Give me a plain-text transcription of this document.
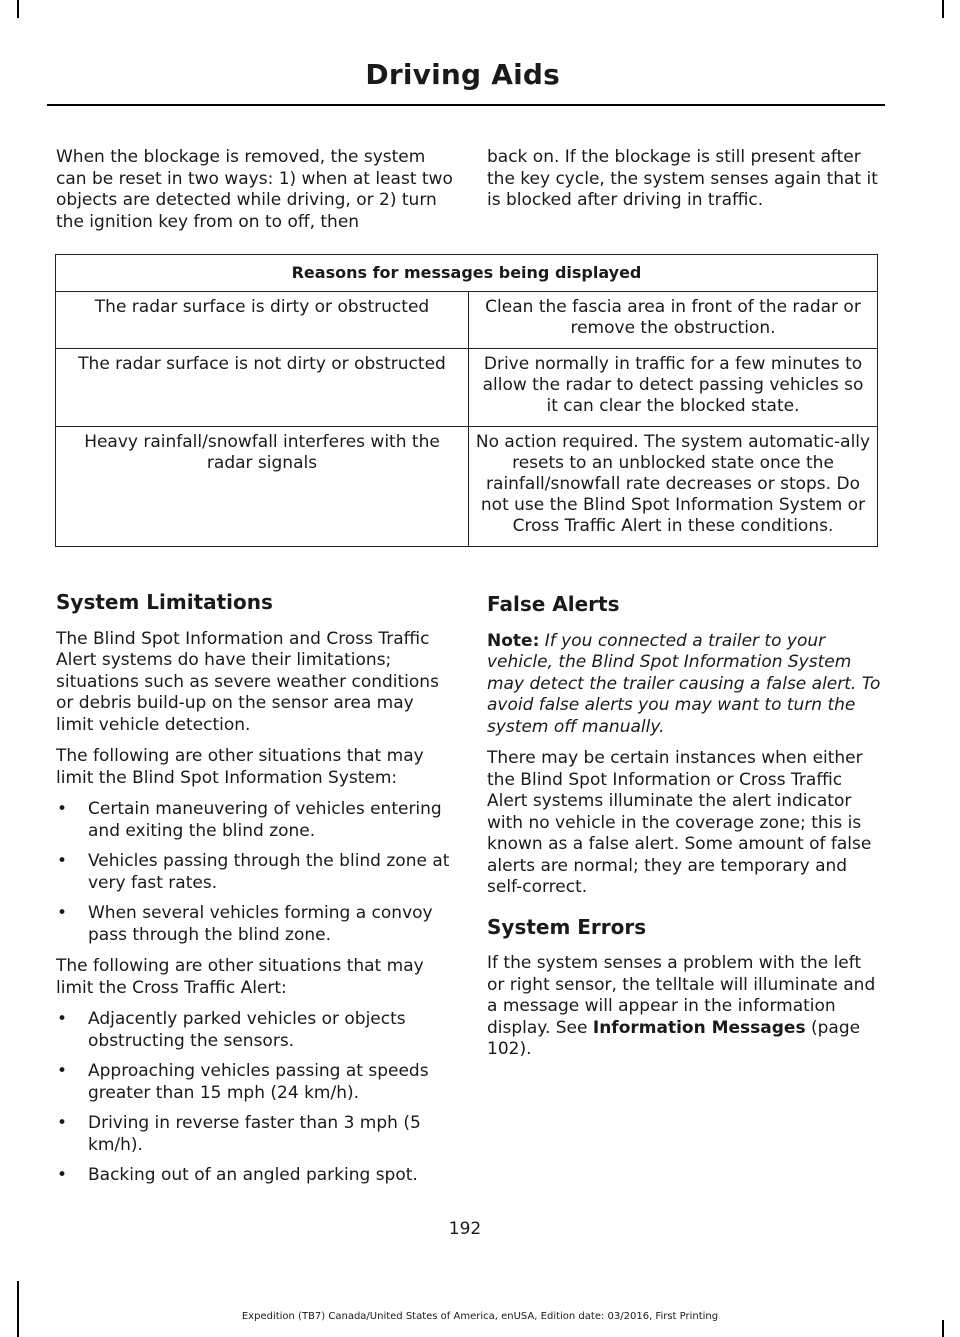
Driving Aids
When the blockage is removed, the system can be reset in two ways: 1) when at least two objects are detected while driving, or 2) turn the ignition key from on to off, then
back on. If the blockage is still present after the key cycle, the system senses again that it is blocked after driving in traffic.
Reasons for messages being displayed	
The radar surface is dirty or obstructed	Clean the fascia area in front of the radar or remove the obstruction.
The radar surface is not dirty or obstructed	Drive normally in traffic for a few minutes to allow the radar to detect passing vehicles so it can clear the blocked state.
Heavy rainfall/snowfall interferes with the radar signals	No action required. The system automatic-ally resets to an unblocked state once the rainfall/snowfall rate decreases or stops. Do not use the Blind Spot Information System or Cross Traffic Alert in these conditions.
System Limitations

The Blind Spot Information and Cross Traffic Alert systems do have their limitations; situations such as severe weather conditions or debris build-up on the sensor area may limit vehicle detection.

The following are other situations that may limit the Blind Spot Information System:

• Certain maneuvering of vehicles entering and exiting the blind zone.
• Vehicles passing through the blind zone at very fast rates.
• When several vehicles forming a convoy pass through the blind zone.

The following are other situations that may limit the Cross Traffic Alert:

• Adjacently parked vehicles or objects obstructing the sensors.
• Approaching vehicles passing at speeds greater than 15 mph (24 km/h).
• Driving in reverse faster than 3 mph (5 km/h).
• Backing out of an angled parking spot.
False Alerts

Note: If you connected a trailer to your vehicle, the Blind Spot Information System may detect the trailer causing a false alert. To avoid false alerts you may want to turn the system off manually.

There may be certain instances when either the Blind Spot Information or Cross Traffic Alert systems illuminate the alert indicator with no vehicle in the coverage zone; this is known as a false alert. Some amount of false alerts are normal; they are temporary and self-correct.

System Errors

If the system senses a problem with the left or right sensor, the telltale will illuminate and a message will appear in the information display. See Information Messages (page 102).

192
Expedition (TB7) Canada/United States of America, enUSA, Edition date: 03/2016, First Printing
